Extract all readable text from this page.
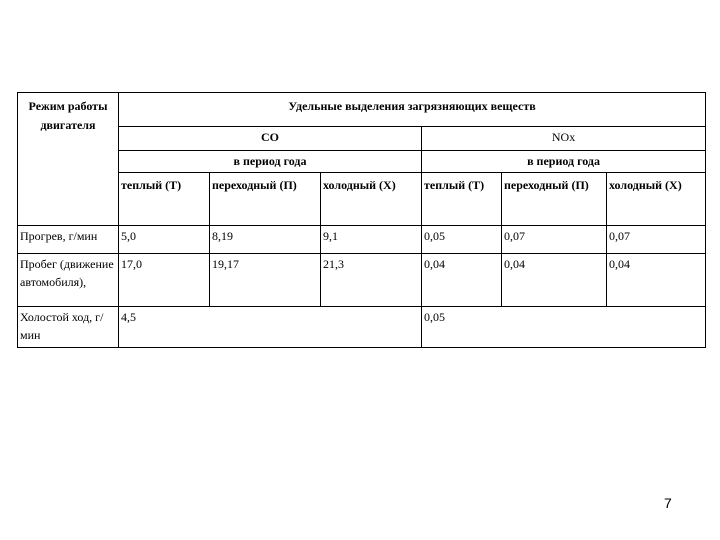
Режим работы двигателя	Удельные выделения загрязняющих веществ					
	CO			NOx		
	в период года			в период года		
	теплый (Т)	переходный (П)	холодный (Х)	теплый (Т)	переходный (П)	холодный (Х)
Прогрев, г/мин	5,0	8,19	9,1	0,05	0,07	0,07
Пробег (движение автомобиля),	17,0	19,17	21,3	0,04	0,04	0,04
Холостой ход, г/мин	4,5			0,05		
7
